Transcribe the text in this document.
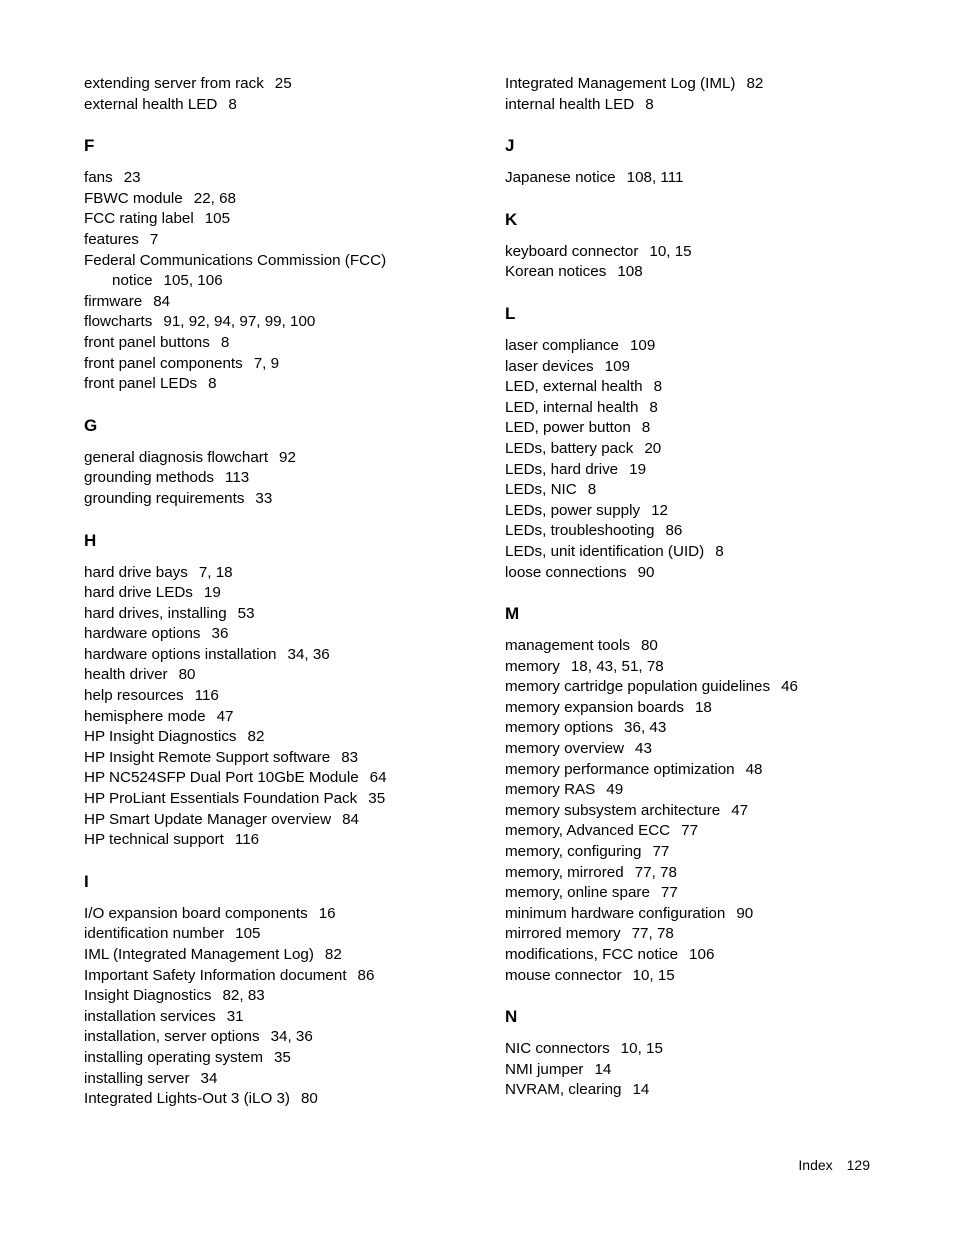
extending server from rack 25
external health LED 8
F
fans 23
FBWC module 22, 68
FCC rating label 105
features 7
Federal Communications Commission (FCC)
notice 105, 106
firmware 84
flowcharts 91, 92, 94, 97, 99, 100
front panel buttons 8
front panel components 7, 9
front panel LEDs 8
G
general diagnosis flowchart 92
grounding methods 113
grounding requirements 33
H
hard drive bays 7, 18
hard drive LEDs 19
hard drives, installing 53
hardware options 36
hardware options installation 34, 36
health driver 80
help resources 116
hemisphere mode 47
HP Insight Diagnostics 82
HP Insight Remote Support software 83
HP NC524SFP Dual Port 10GbE Module 64
HP ProLiant Essentials Foundation Pack 35
HP Smart Update Manager overview 84
HP technical support 116
I
I/O expansion board components 16
identification number 105
IML (Integrated Management Log) 82
Important Safety Information document 86
Insight Diagnostics 82, 83
installation services 31
installation, server options 34, 36
installing operating system 35
installing server 34
Integrated Lights-Out 3 (iLO 3) 80
Integrated Management Log (IML) 82
internal health LED 8
J
Japanese notice 108, 111
K
keyboard connector 10, 15
Korean notices 108
L
laser compliance 109
laser devices 109
LED, external health 8
LED, internal health 8
LED, power button 8
LEDs, battery pack 20
LEDs, hard drive 19
LEDs, NIC 8
LEDs, power supply 12
LEDs, troubleshooting 86
LEDs, unit identification (UID) 8
loose connections 90
M
management tools 80
memory 18, 43, 51, 78
memory cartridge population guidelines 46
memory expansion boards 18
memory options 36, 43
memory overview 43
memory performance optimization 48
memory RAS 49
memory subsystem architecture 47
memory, Advanced ECC 77
memory, configuring 77
memory, mirrored 77, 78
memory, online spare 77
minimum hardware configuration 90
mirrored memory 77, 78
modifications, FCC notice 106
mouse connector 10, 15
N
NIC connectors 10, 15
NMI jumper 14
NVRAM, clearing 14
Index 129
